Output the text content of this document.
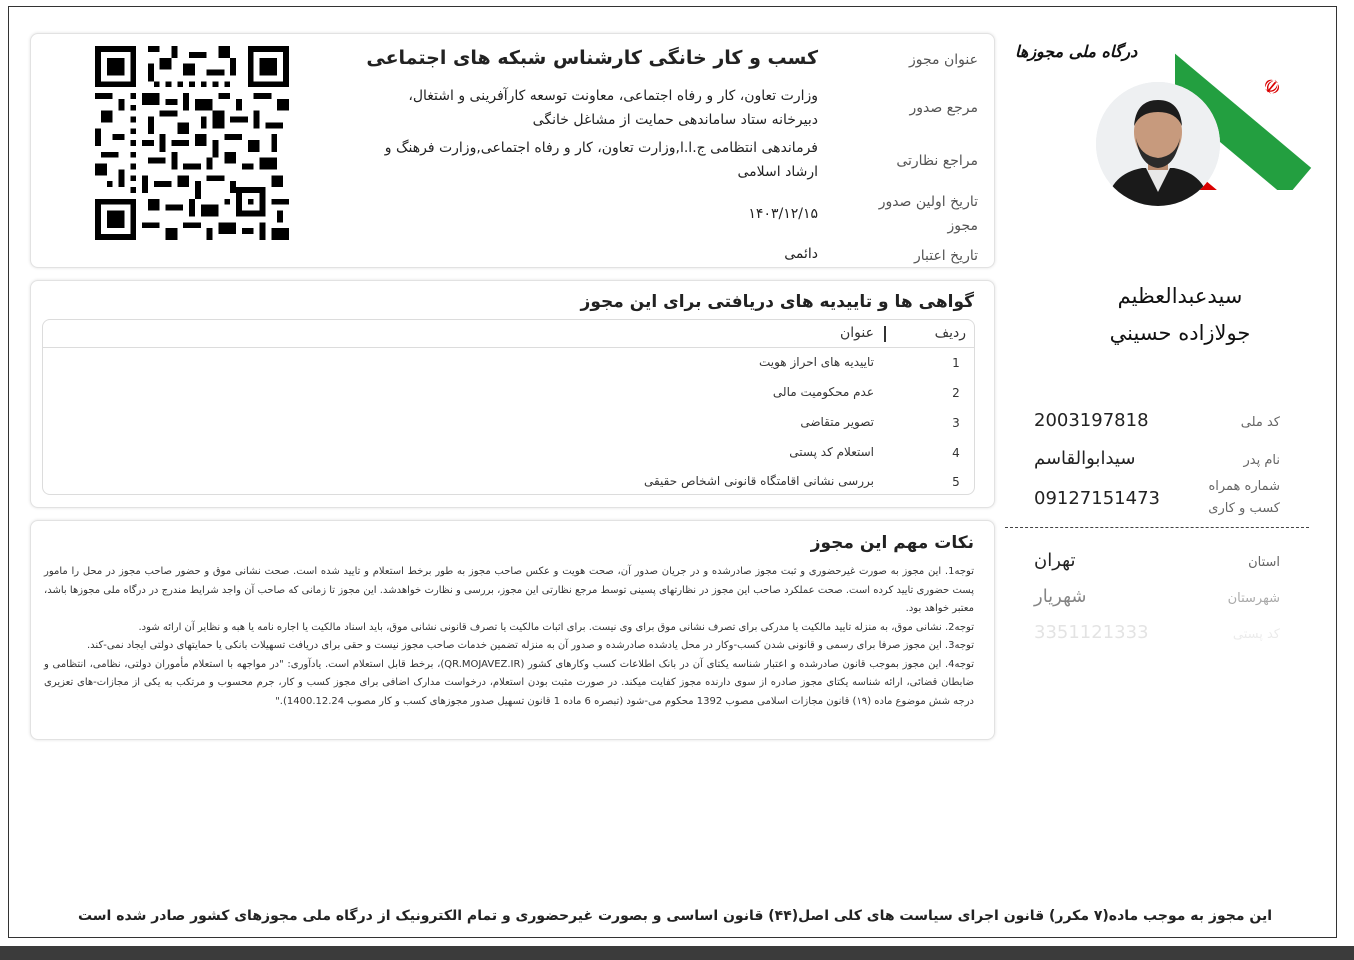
☫
درگاه ملی مجوزها
سیدعبدالعظیم
جولازاده حسيني
کد ملی
2003197818
نام پدر
سیدابوالقاسم
شماره همراه کسب و کاری
09127151473
استان
تهران
شهرستان
شهریار
کد پستی
3351121333
عنوان مجوز
کسب و کار خانگی کارشناس شبکه های اجتماعی
مرجع صدور
وزارت تعاون، کار و رفاه اجتماعی، معاونت توسعه کارآفرینی و اشتغال، دبیرخانه ستاد ساماندهی حمایت از مشاغل خانگی
مراجع نظارتی
فرماندهی انتظامی ج.ا.ا,وزارت تعاون، کار و رفاه اجتماعی,وزارت فرهنگ و ارشاد اسلامی
تاریخ اولین صدور مجوز
۱۴۰۳/۱۲/۱۵
تاریخ اعتبار
دائمی
گواهی ها و تاییدیه های دریافتی برای این مجوز
ردیف
عنوان
1
تاییدیه های احراز هویت
2
عدم محکومیت مالی
3
تصویر متقاضی
4
استعلام کد پستی
5
بررسی نشانی اقامتگاه قانونی اشخاص حقیقی
نکات مهم این مجوز
توجه1. این مجوز به صورت غیرحضوری و ثبت مجوز صادرشده و در جریان صدور آن، صحت هویت و عکس صاحب مجوز به طور برخط استعلام و تایید شده است. صحت نشانی موق و حضور صاحب مجوز در محل را مامور پست حضوری تایید کرده است. صحت عملکرد صاحب این مجوز در نظارتهای پسینی توسط مرجع نظارتی این مجوز، بررسی و نظارت خواهدشد. این مجوز تا زمانی که صاحب آن واجد شرایط مندرج در درگاه ملی مجوزها باشد، معتبر خواهد بود.
توجه2. نشانی موق، به منزله تایید مالکیت یا مدرکی برای تصرف نشانی موق برای وی نیست. برای اثبات مالکیت یا تصرف قانونی نشانی موق، باید اسناد مالکیت یا اجاره نامه یا هبه و نظایر آن ارائه شود.
توجه3. این مجوز صرفا برای رسمی و قانونی شدن کسب-وکار در محل یادشده صادرشده و صدور آن به منزله تضمین خدمات صاحب مجوز نیست و حقی برای دریافت تسهیلات بانکی یا حمایتهای دولتی ایجاد نمی-کند.
توجه4. این مجوز بموجب قانون صادرشده و اعتبار شناسه یکتای آن در بانک اطلاعات کسب وکارهای کشور (QR.MOJAVEZ.IR)، برخط قابل استعلام است. یادآوری: "در مواجهه با استعلام مأموران دولتی، نظامی، انتظامی و ضابطان قضائی، ارائه شناسه یکتای مجوز صادره از سوی دارنده مجوز کفایت میکند. در صورت مثبت بودن استعلام، درخواست مدارک اضافی برای مجوز کسب و کار، جرم محسوب و مرتکب به یکی از مجازات-های تعزیری درجه شش موضوع ماده (۱۹) قانون مجازات اسلامی مصوب 1392 محکوم می-شود (تبصره 6 ماده 1 قانون تسهیل صدور مجوزهای کسب و کار مصوب 1400.12.24)."
این مجوز به موجب ماده(۷ مکرر) قانون اجرای سیاست های کلی اصل(۴۴) قانون اساسی و بصورت غیرحضوری و تمام الکترونیک از درگاه ملی مجوزهای کشور صادر شده است
